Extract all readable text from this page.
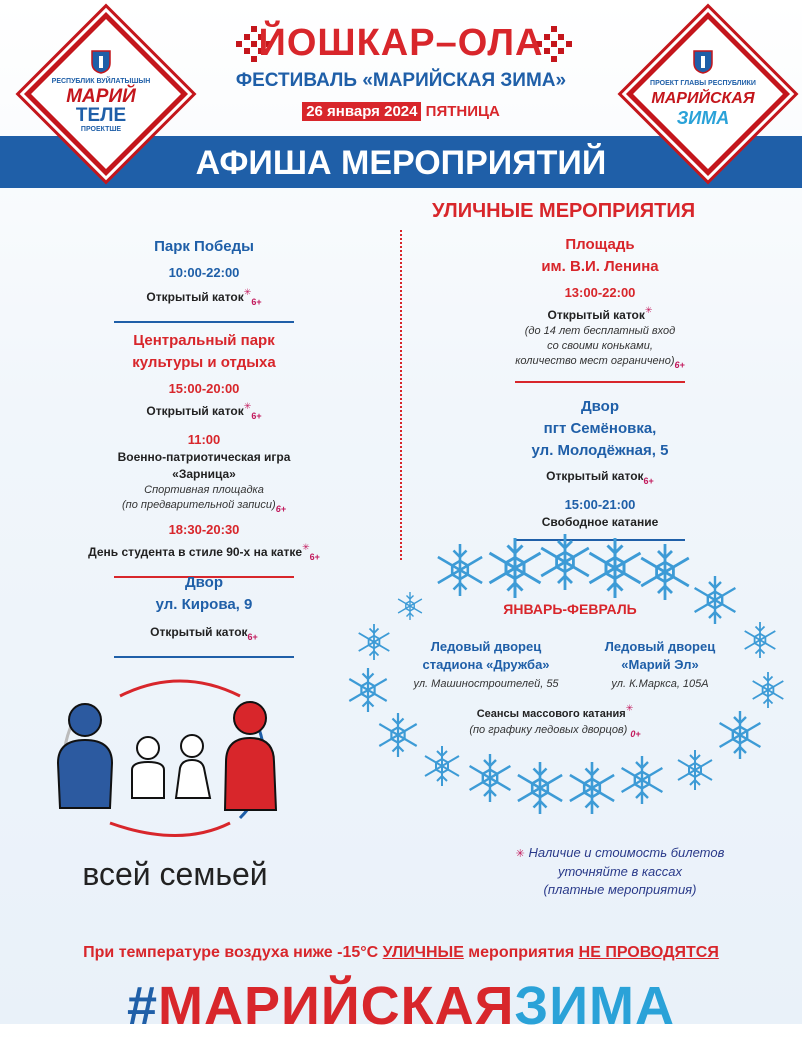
ЙОШКАР–ОЛА
ФЕСТИВАЛЬ «МАРИЙСКАЯ ЗИМА»
26 января 2024 ПЯТНИЦА
АФИША МЕРОПРИЯТИЙ
РЕСПУБЛИК ВУЙЛАТЫШЫН
МАРИЙ
ТЕЛЕ
ПРОЕКТШЕ
ПРОЕКТ ГЛАВЫ РЕСПУБЛИКИ
МАРИЙСКАЯ
ЗИМА
УЛИЧНЫЕ МЕРОПРИЯТИЯ
Парк Победы
10:00-22:00
Открытый каток✳$_{6+}$
Центральный парк
культуры и отдыха
15:00-20:00
Открытый каток✳$_{6+}$
11:00
Военно-патриотическая игра
«Зарница»
Спортивная площадка
(по предварительной $записи)_{6+}$
18:30-20:30
День студента в стиле 90-х на катке✳$_{6+}$
Двор
ул. Кирова, 9
Открытый каток$_{6+}$
Площадь
им. В.И. Ленина
13:00-22:00
Открытый каток✳
(до 14 лет бесплатный вход
со своими коньками,
количество мест $ограничено)_{6+}$
Двор
пгт Семёновка,
ул. Молодёжная, 5
Открытый каток$_{6+}$
15:00-21:00
Свободное катание
ЯНВАРЬ-ФЕВРАЛЬ
Ледовый дворец
стадиона «Дружба»
ул. Машиностроителей, 55
Ледовый дворец
«Марий Эл»
ул. К.Маркса, 105А
Сеансы массового катания✳
(по графику ледовых дворцов) $_{0+}$
всей семьей
✳ Наличие и стоимость билетов
уточняйте в кассах
(платные мероприятия)
При температуре воздуха ниже -15°С УЛИЧНЫЕ мероприятия НЕ ПРОВОДЯТСЯ
#МАРИЙСКАЯЗИМА
